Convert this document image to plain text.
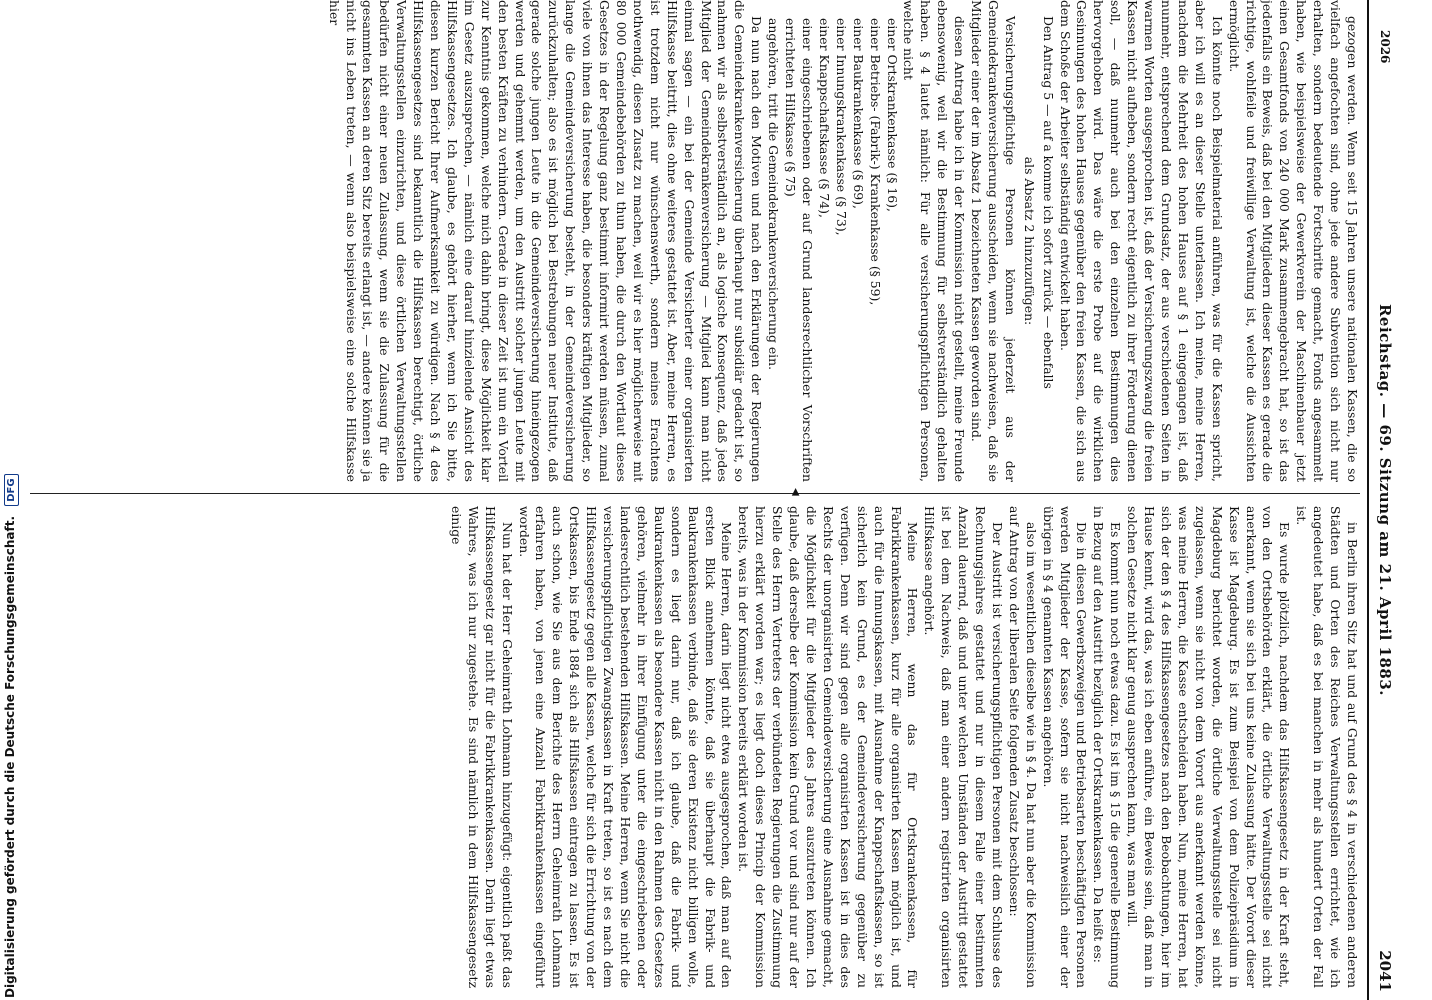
Digitalisierung gefördert durch die Deutsche Forschungsgemeinschaft. DFG
2026
Reichstag. — 69. Sitzung am 21. April 1883.
2041

gezogen werden. Wenn seit 15 Jahren unsere nationalen Kassen, die so vielfach angefochten sind, ohne jede andere Subvention sich nicht nur erhalten, sondern bedeutende Fortschritte gemacht, Fonds angesammelt haben, wie beispielsweise der Gewerkverein der Maschinenbauer jetzt einen Gesamtfonds von 240 000 Mark zusammengebracht hat, so ist das jedenfalls ein Beweis, daß bei den Mitgliedern dieser Kassen es gerade die richtige, wohlfeile und freiwillige Verwaltung ist, welche die Aussichten ermöglicht.

Ich könnte noch Beispielmaterial anführen, was für die Kassen spricht, aber ich will es an dieser Stelle unterlassen. Ich meine, meine Herren, nachdem die Mehrheit des hohen Hauses auf § 1 eingegangen ist, daß nunmehr, entsprechend dem Grundsatz, der aus verschiedenen Seiten in warmen Worten ausgesprochen ist, daß der Versicherungszwang die freien Kassen nicht aufheben, sondern recht eigentlich zu ihrer Förderung dienen soll, — daß nunmehr auch bei den einzelnen Bestimmungen dies hervorgehoben wird. Das wäre die erste Probe auf die wirklichen Gesinnungen des hohen Hauses gegenüber den freien Kassen, die sich aus dem Schoße der Arbeiter selbständig entwickelt haben.

Den Antrag 5 — auf a komme ich sofort zurück — ebenfalls

als Absatz 2 hinzuzufügen:

Versicherungspflichtige Personen können jederzeit aus der Gemeindekrankenversicherung ausscheiden, wenn sie nachweisen, daß sie Mitglieder einer der im Absatz 1 bezeichneten Kassen geworden sind.

diesen Antrag habe ich in der Kommission nicht gestellt, meine Freunde ebensowenig, weil wir die Bestimmung für selbstverständlich gehalten haben. § 4 lautet nämlich: Für alle versicherungspflichtigen Personen, welche nicht

einer Ortskrankenkasse (§ 16),

einer Betriebs- (Fabrik-) Krankenkasse (§ 59),

einer Baukrankenkasse (§ 69),

einer Innungskrankenkasse (§ 73),

einer Knappschaftskasse (§ 74),

einer eingeschriebenen oder auf Grund landesrechtlicher Vorschriften errichteten Hilfskasse (§ 75)

angehören, tritt die Gemeindekrankenversicherung ein.

Da nun nach den Motiven und nach den Erklärungen der Regierungen die Gemeindekrankenversicherung überhaupt nur subsidiär gedacht ist, so nahmen wir als selbstverständlich an, als logische Konsequenz, daß jedes Mitglied der Gemeindekrankenversicherung — Mitglied kann man nicht einmal sagen — ein bei der Gemeinde Versicherter einer organisierten Hilfskasse beitritt, dies ohne weiteres gestattet ist. Aber, meine Herren, es ist trotzdem nicht nur wünschenswerth, sondern meines Erachtens nothwendig, diesen Zusatz zu machen, weil wir es hier möglicherweise mit 80 000 Gemeindebehörden zu thun haben, die durch den Wortlaut dieses Gesetzes in der Regelung ganz bestimmt informirt werden müssen, zumal viele von ihnen das Interesse haben, die besonders kräftigen Mitglieder, so lange die Gemeindeversicherung besteht, in der Gemeindeversicherung zurückzuhalten; also es ist möglich bei Bestrebungen neuer Institute, daß gerade solche jungen Leute in die Gemeindeversicherung hineingezogen werden und gehemmt werden, um den Austritt solcher jungen Leute mit den besten Kräften zu verhindern. Gerade in dieser Zeit ist nun ein Vorteil zur Kenntnis gekommen, welche mich dahin bringt, diese Möglichkeit klar im Gesetz auszusprechen, — nämlich eine darauf hinzielende Ansicht des Hilfskassengesetzes. Ich glaube, es gehört hierher, wenn ich Sie bitte, diesen kurzen Bericht Ihrer Aufmerksamkeit zu würdigen. Nach § 4 des Hilfskassengesetzes sind bekanntlich die Hilfskassen berechtigt, örtliche Verwaltungsstellen einzurichten, und diese örtlichen Verwaltungsstellen bedürfen nicht einer neuen Zulassung, wenn sie die Zulassung für die gesammten Kassen an deren Sitz bereits erlangt ist, — andere können sie ja nicht ins Leben treten, — wenn also beispielsweise eine solche Hilfskasse hier

◀

in Berlin ihren Sitz hat und auf Grund des § 4 in verschiedenen anderen Städten und Orten des Reiches Verwaltungsstellen errichtet, wie ich angedeutet habe, daß es bei manchen in mehr als hundert Orten der Fall ist.

Es wurde plötzlich, nachdem das Hilfskassengesetz in der Kraft steht, von den Ortsbehörden erklärt, die örtliche Verwaltungsstelle sei nicht anerkannt, wenn sie sich bei uns keine Zulassung hätte. Der Vorort dieser Kasse ist Magdeburg. Es ist zum Beispiel von dem Polizeipräsidium in Magdeburg berichtet worden, die örtliche Verwaltungsstelle sei nicht zugelassen, wenn sie nicht von dem Vorort aus anerkannt werden könne, was meine Herren, die Kasse entscheiden haben. Nun, meine Herren, hat sich der den § 4 des Hilfskassengesetzes nach den Beobachtungen, hier im Hause kennt, wird das, was ich eben anführe, ein Beweis sein, daß man in solchen Gesetze nicht klar genug aussprechen kann, was man will.

Es kommt nun noch etwas dazu. Es ist im § 15 die generelle Bestimmung in Bezug auf den Austritt bezüglich der Ortskrankenkassen. Da heißt es:

Die in diesen Gewerbszweigen und Betriebsarten beschäftigten Personen werden Mitglieder der Kasse, sofern sie nicht nachweislich einer der übrigen in § 4 genannten Kassen angehören.

also im wesentlichen dieselbe wie in § 4. Da hat nun aber die Kommission auf Antrag von der liberalen Seite folgenden Zusatz beschlossen:

Der Austritt ist versicherungspflichtigen Personen mit dem Schlusse des Rechnungsjahres gestattet und nur in diesem Falle einer bestimmten Anzahl dauernd, daß und unter welchen Umständen der Austritt gestattet ist bei dem Nachweis, daß man einer andern registrirten organisirten Hilfskasse angehört.

Meine Herren, wenn das für Ortskrankenkassen, für Fabrikkrankenkassen, kurz für alle organisirten Kassen möglich ist, und auch für die Innungskassen, mit Ausnahme der Knappschaftskassen, so ist sicherlich kein Grund, es der Gemeindeversicherung gegenüber zu verfügen. Denn wir sind gegen alle organisirten Kassen ist in dies des Rechts der unorganisirten Gemeindeversicherung eine Ausnahme gemacht, die Möglichkeit für die Mitglieder des Jahres auszutreten können. Ich glaube, daß derselbe der Kommission kein Grund vor und sind nur auf der Stelle des Herrn Vertreters der verbündeten Regierungen die Zustimmung hierzu erklärt worden war; es liegt doch dieses Princip der Kommission bereits, was in der Kommission bereits erklärt worden ist.

Meine Herren, darin liegt nicht etwa ausgesprochen, daß man auf den ersten Blick annehmen könnte, daß sie überhaupt die Fabrik- und Baukrankenkassen verbinde, daß sie deren Existenz nicht billigen wolle, sondern es liegt darin nur, daß ich glaube, daß die Fabrik- und Baukrankenkassen als besondere Kassen nicht in den Rahmen des Gesetzes gehören, vielmehr in ihrer Einfügung unter die eingeschriebenen oder landesrechtlich bestehenden Hilfskassen. Meine Herren, wenn Sie nicht die versicherungspflichtigen Zwangskassen in Kraft treten, so ist es nach dem Hilfskassengesetz gegen alle Kassen, welche für sich die Errichtung von der Ortskassen, bis Ende 1884 sich als Hilfskassen eintragen zu lassen. Es ist auch schon, wie Sie aus dem Berichte des Herrn Geheimrath Lohmann erfahren haben, von jenen eine Anzahl Fabrikkrankenkassen eingeführt worden.

Nun hat der Herr Geheimrath Lohmann hinzugefügt: eigentlich paßt das Hilfskassengesetz gar nicht für die Fabrikkrankenkassen. Darin liegt etwas Wahres, was ich nur zugestehe. Es sind nämlich in dem Hilfskassengesetz einige
